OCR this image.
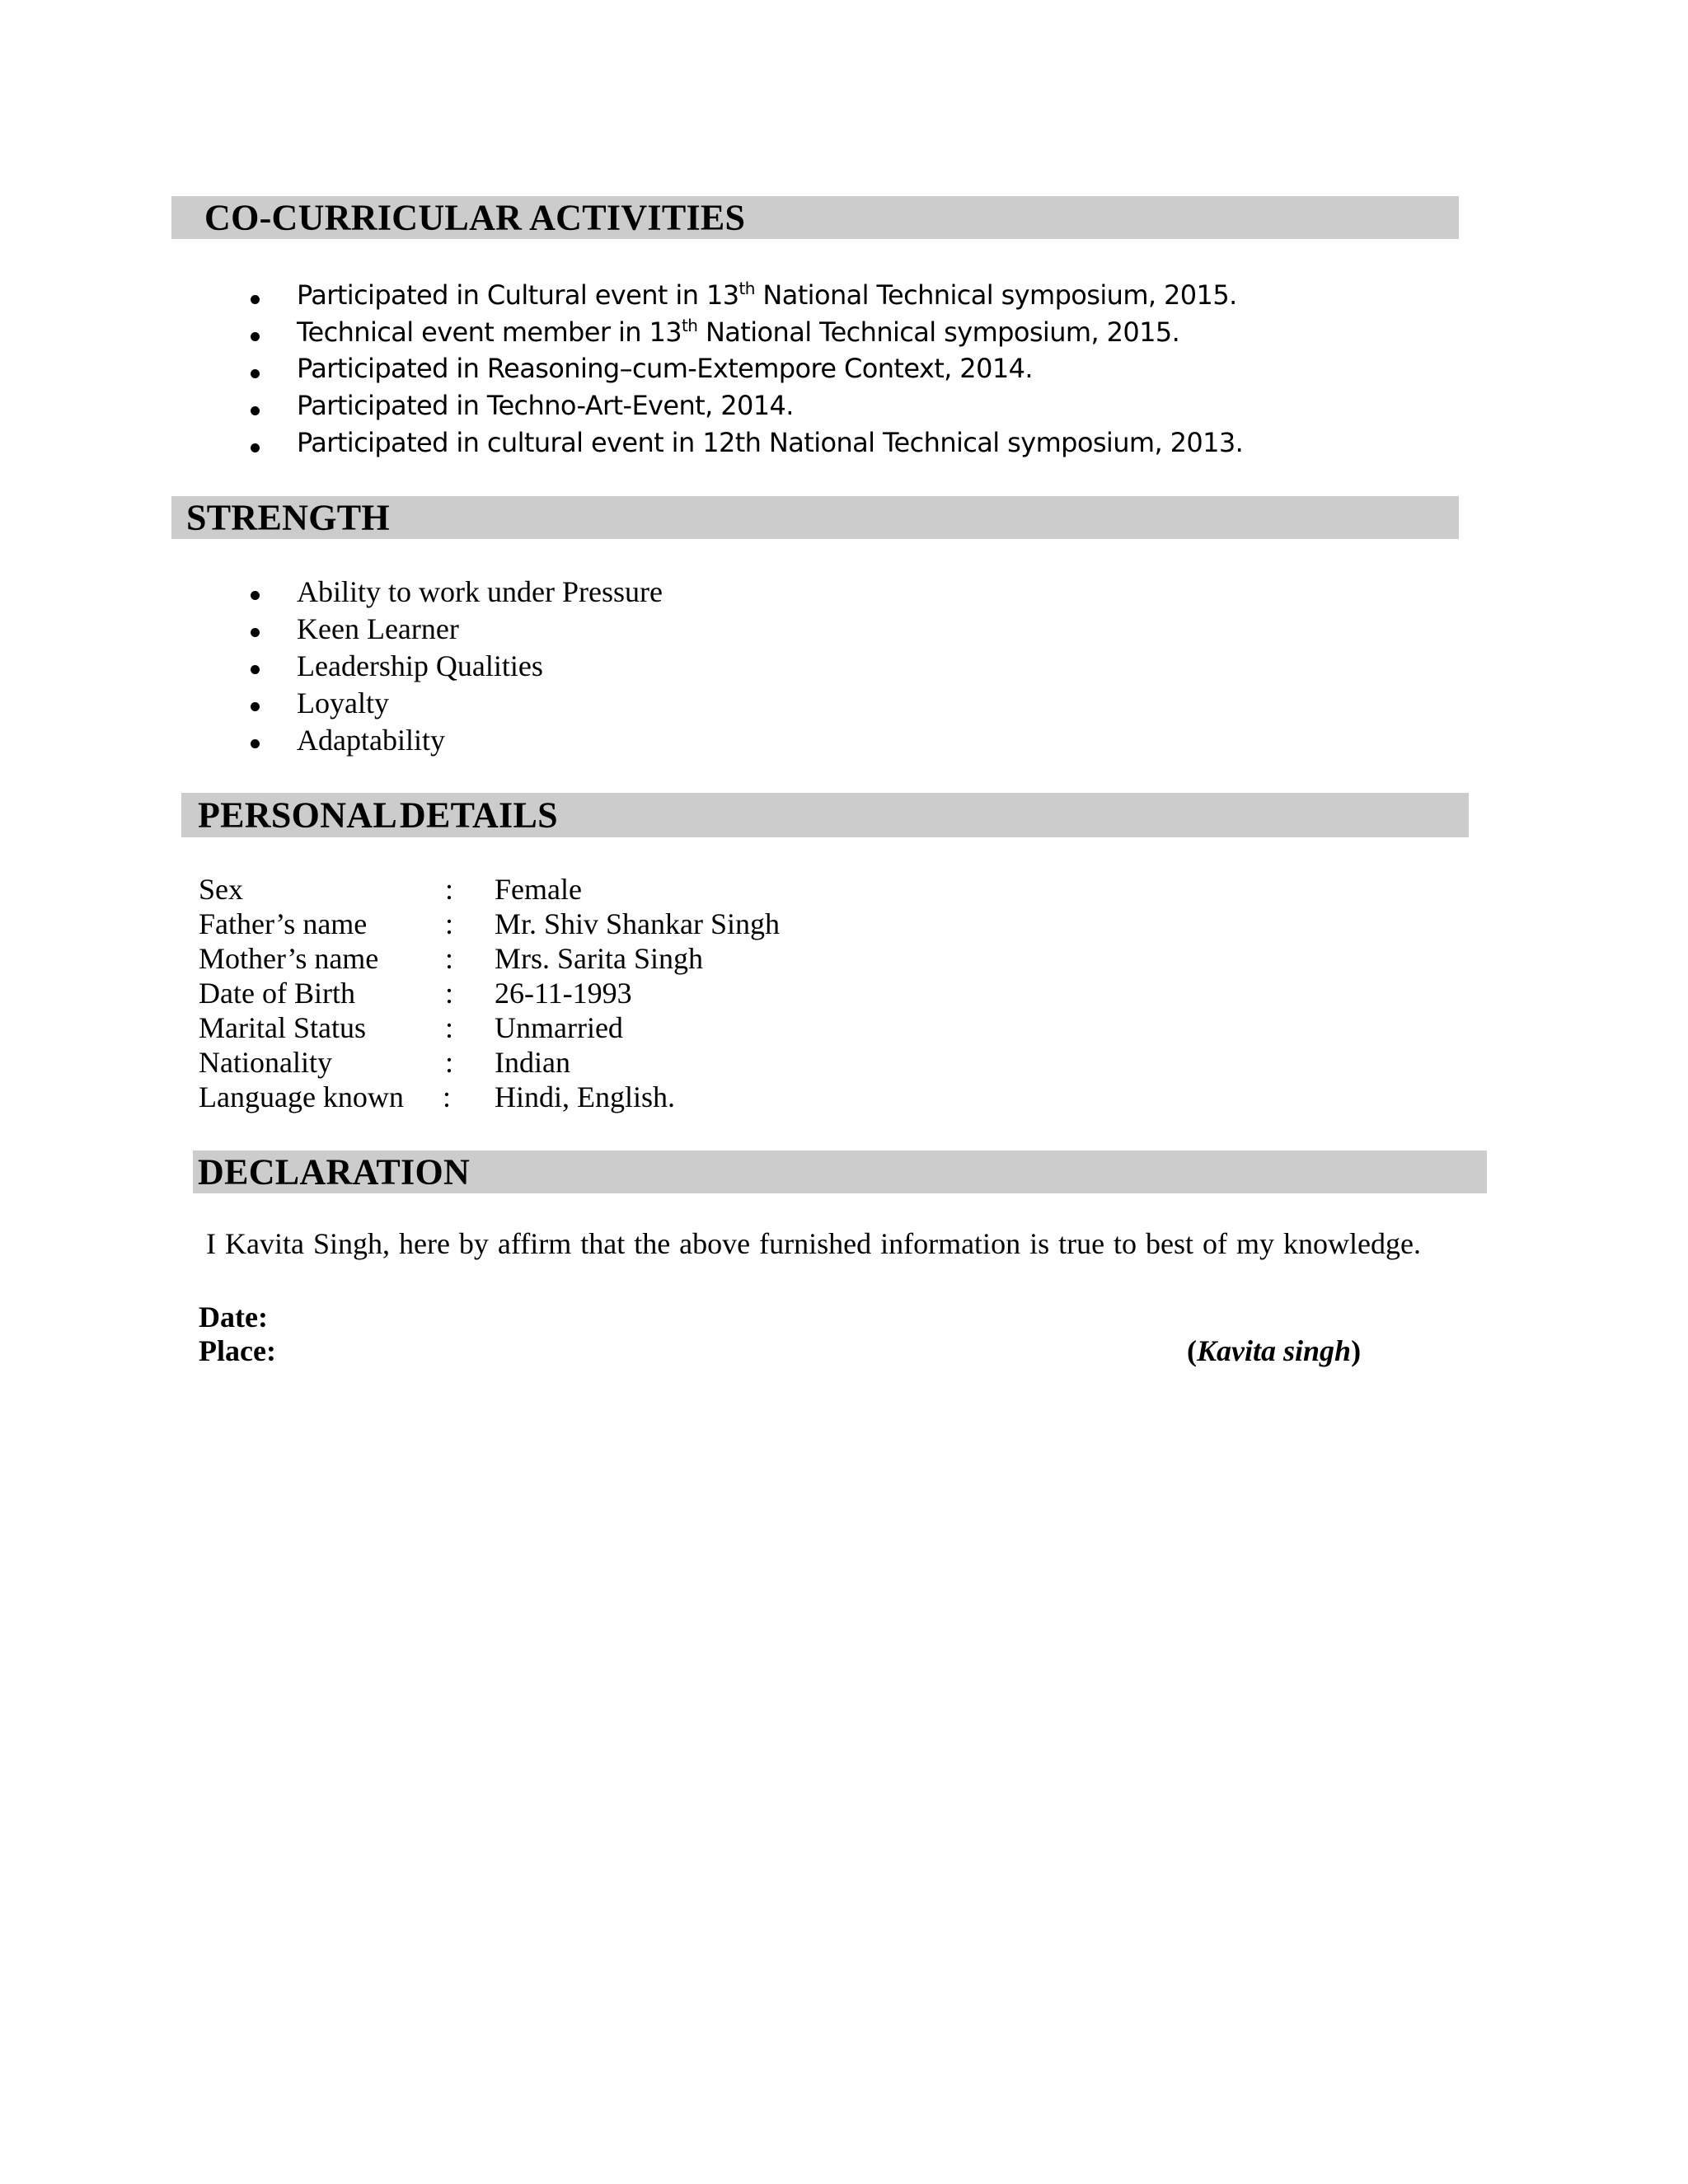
CO-CURRICULAR ACTIVITIES
Participated in Cultural event in 13th National Technical symposium, 2015.
Technical event member in 13th National Technical symposium, 2015.
Participated in Reasoning–cum-Extempore Context, 2014.
Participated in Techno-Art-Event, 2014.
Participated in cultural event in 12th National Technical symposium, 2013.
STRENGTH
Ability to work under Pressure
Keen Learner
Leadership Qualities
Loyalty
Adaptability
PERSONAL DETAILS
Sex	: Female
Father’s name	: Mr. Shiv Shankar Singh
Mother’s name : Mrs. Sarita Singh
Date of Birth	: 26-11-1993
Marital Status	: Unmarried
Nationality	: Indian
Language known : Hindi, English.
DECLARATION
I Kavita Singh, here by affirm that the above furnished information is true to best of my knowledge.
Date:
Place:	(Kavita singh)
